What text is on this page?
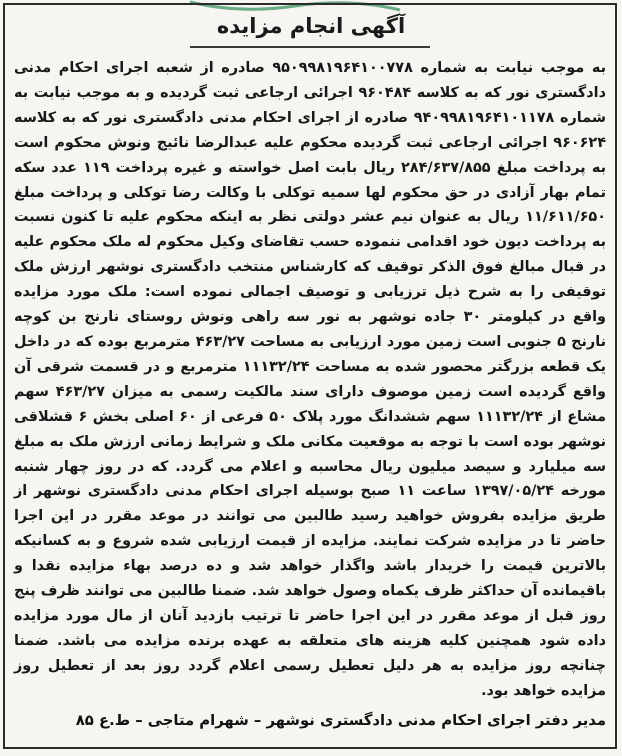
آگهی انجام مزایده

به موجب نیابت به شماره ۹۵۰۹۹۸۱۹۶۴۱۰۰۷۷۸ صادره از شعبه اجرای احکام مدنی دادگستری نور که به کلاسه ۹۶۰۴۸۴ اجرائی ارجاعی ثبت گردیده و به موجب نیابت به شماره ۹۴۰۹۹۸۱۹۶۴۱۰۱۱۷۸ صادره از اجرای احکام مدنی دادگستری نور که به کلاسه ۹۶۰۶۲۴ اجرائی ارجاعی ثبت گردیده محکوم علیه عبدالرضا نائیج ونوش محکوم است به پرداخت مبلغ ۲۸۴/۶۳۷/۸۵۵ ریال بابت اصل خواسته و غیره پرداخت ۱۱۹ عدد سکه تمام بهار آزادی در حق محکوم لها سمیه توکلی با وکالت رضا توکلی و پرداخت مبلغ ۱۱/۶۱۱/۶۵۰ ریال به عنوان نیم عشر دولتی نظر به اینکه محکوم علیه تا کنون نسبت به پرداخت دیون خود اقدامی ننموده حسب تقاضای وکیل محکوم له ملک محکوم علیه در قبال مبالغ فوق الذکر توقیف که کارشناس منتخب دادگستری نوشهر ارزش ملک توقیفی را به شرح ذیل ترزیابی و توصیف اجمالی نموده است: ملک مورد مزایده واقع در کیلومتر ۳۰ جاده نوشهر به نور سه راهی ونوش روستای نارنج بن کوچه نارنج ۵ جنوبی است زمین مورد ارزیابی به مساحت ۴۶۳/۲۷ مترمربع بوده که در داخل یک قطعه بزرگتر محصور شده به مساحت ۱۱۱۳۲/۲۴ مترمربع و در قسمت شرقی آن واقع گردیده است زمین موصوف دارای سند مالکیت رسمی به میزان ۴۶۳/۲۷ سهم مشاع از ۱۱۱۳۲/۲۴ سهم ششدانگ مورد پلاک ۵۰ فرعی از ۶۰ اصلی بخش ۶ قشلاقی نوشهر بوده است با توجه به موقعیت مکانی ملک و شرایط زمانی ارزش ملک به مبلغ سه میلیارد و سیصد میلیون ریال محاسبه و اعلام می گردد. که در روز چهار شنبه مورخه ۱۳۹۷/۰۵/۲۴ ساعت ۱۱ صبح بوسیله اجرای احکام مدنی دادگستری نوشهر از طریق مزایده بفروش خواهید رسید طالبین می توانند در موعد مقرر در این اجرا حاضر تا در مزایده شرکت نمایند. مزایده از قیمت ارزیابی شده شروع و به کسانیکه بالاترین قیمت را خریدار باشد واگذار خواهد شد و ده درصد بهاء مزایده نقدا و باقیمانده آن حداکثر ظرف یکماه وصول خواهد شد. ضمنا طالبین می توانند ظرف پنج روز قبل از موعد مقرر در این اجرا حاضر تا ترتیب بازدید آنان از مال مورد مزایده داده شود همچنین کلیه هزینه های متعلقه به عهده برنده مزایده می باشد. ضمنا چنانچه روز مزایده به هر دلیل تعطیل رسمی اعلام گردد روز بعد از تعطیل روز مزایده خواهد بود.

مدیر دفتر اجرای احکام مدنی دادگستری نوشهر – شهرام متاجی – ط.ع ۸۵
